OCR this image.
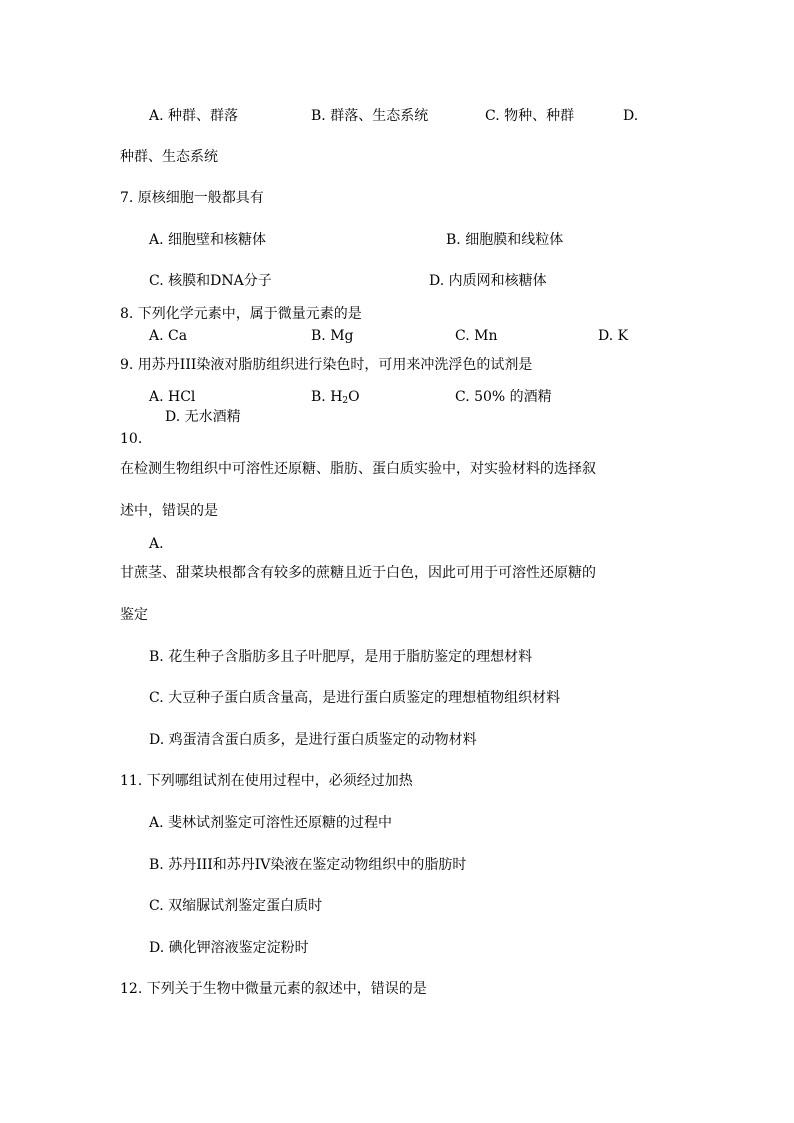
A. 种群、群落	B. 群落、生态系统	C. 物种、种群	D.
种群、生态系统
7. 原核细胞一般都具有
A. 细胞壁和核糖体	B. 细胞膜和线粒体
C. 核膜和DNA分子	D. 内质网和核糖体
8. 下列化学元素中，属于微量元素的是
A. Ca	B. Mg	C. Mn	D. K
9. 用苏丹III染液对脂肪组织进行染色时，可用来冲洗浮色的试剂是
A. HCl	B. $H_2O$	C. 50% 的酒精
D. 无水酒精
10.
在检测生物组织中可溶性还原糖、脂肪、蛋白质实验中，对实验材料的选择叙
述中，错误的是
A.
甘蔗茎、甜菜块根都含有较多的蔗糖且近于白色，因此可用于可溶性还原糖的
鉴定
B. 花生种子含脂肪多且子叶肥厚，是用于脂肪鉴定的理想材料
C. 大豆种子蛋白质含量高，是进行蛋白质鉴定的理想植物组织材料
D. 鸡蛋清含蛋白质多，是进行蛋白质鉴定的动物材料
11. 下列哪组试剂在使用过程中，必须经过加热
A. 斐林试剂鉴定可溶性还原糖的过程中
B. 苏丹III和苏丹IV染液在鉴定动物组织中的脂肪时
C. 双缩脲试剂鉴定蛋白质时
D. 碘化钾溶液鉴定淀粉时
12. 下列关于生物中微量元素的叙述中，错误的是
